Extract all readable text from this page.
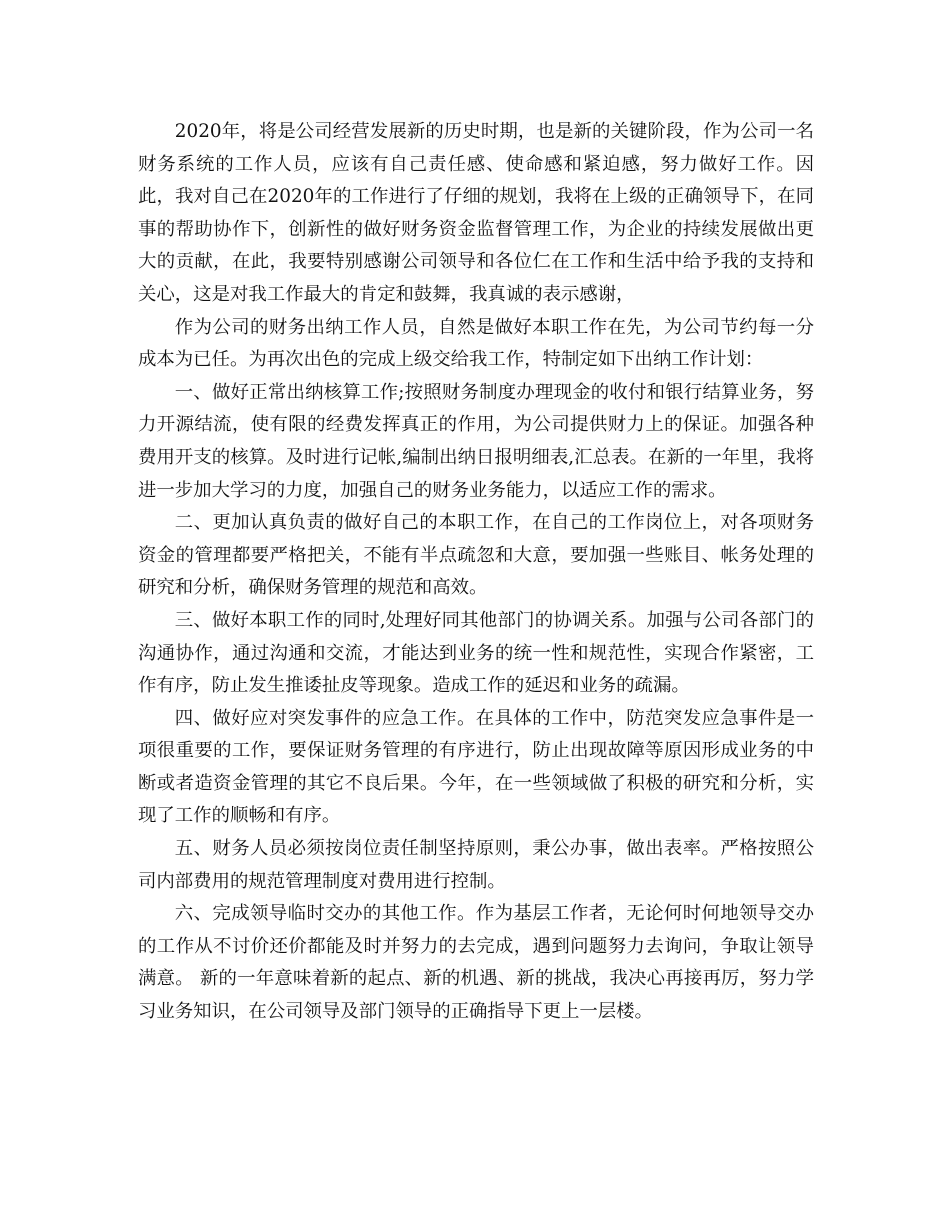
2020年，将是公司经营发展新的历史时期，也是新的关键阶段，作为公司一名财务系统的工作人员，应该有自己责任感、使命感和紧迫感，努力做好工作。因此，我对自己在2020年的工作进行了仔细的规划，我将在上级的正确领导下，在同事的帮助协作下，创新性的做好财务资金监督管理工作，为企业的持续发展做出更大的贡献，在此，我要特别感谢公司领导和各位仁在工作和生活中给予我的支持和关心，这是对我工作最大的肯定和鼓舞，我真诚的表示感谢，

作为公司的财务出纳工作人员，自然是做好本职工作在先，为公司节约每一分成本为已任。为再次出色的完成上级交给我工作，特制定如下出纳工作计划：

一、做好正常出纳核算工作;按照财务制度办理现金的收付和银行结算业务，努力开源结流，使有限的经费发挥真正的作用，为公司提供财力上的保证。加强各种费用开支的核算。及时进行记帐,编制出纳日报明细表,汇总表。在新的一年里，我将进一步加大学习的力度，加强自己的财务业务能力，以适应工作的需求。

二、更加认真负责的做好自己的本职工作，在自己的工作岗位上，对各项财务资金的管理都要严格把关，不能有半点疏忽和大意，要加强一些账目、帐务处理的研究和分析，确保财务管理的规范和高效。

三、做好本职工作的同时,处理好同其他部门的协调关系。加强与公司各部门的沟通协作，通过沟通和交流，才能达到业务的统一性和规范性，实现合作紧密，工作有序，防止发生推诿扯皮等现象。造成工作的延迟和业务的疏漏。

四、做好应对突发事件的应急工作。在具体的工作中，防范突发应急事件是一项很重要的工作，要保证财务管理的有序进行，防止出现故障等原因形成业务的中断或者造资金管理的其它不良后果。今年，在一些领域做了积极的研究和分析，实现了工作的顺畅和有序。

五、财务人员必须按岗位责任制坚持原则，秉公办事，做出表率。严格按照公司内部费用的规范管理制度对费用进行控制。

六、完成领导临时交办的其他工作。作为基层工作者，无论何时何地领导交办的工作从不讨价还价都能及时并努力的去完成，遇到问题努力去询问，争取让领导满意。 新的一年意味着新的起点、新的机遇、新的挑战，我决心再接再厉，努力学习业务知识，在公司领导及部门领导的正确指导下更上一层楼。
